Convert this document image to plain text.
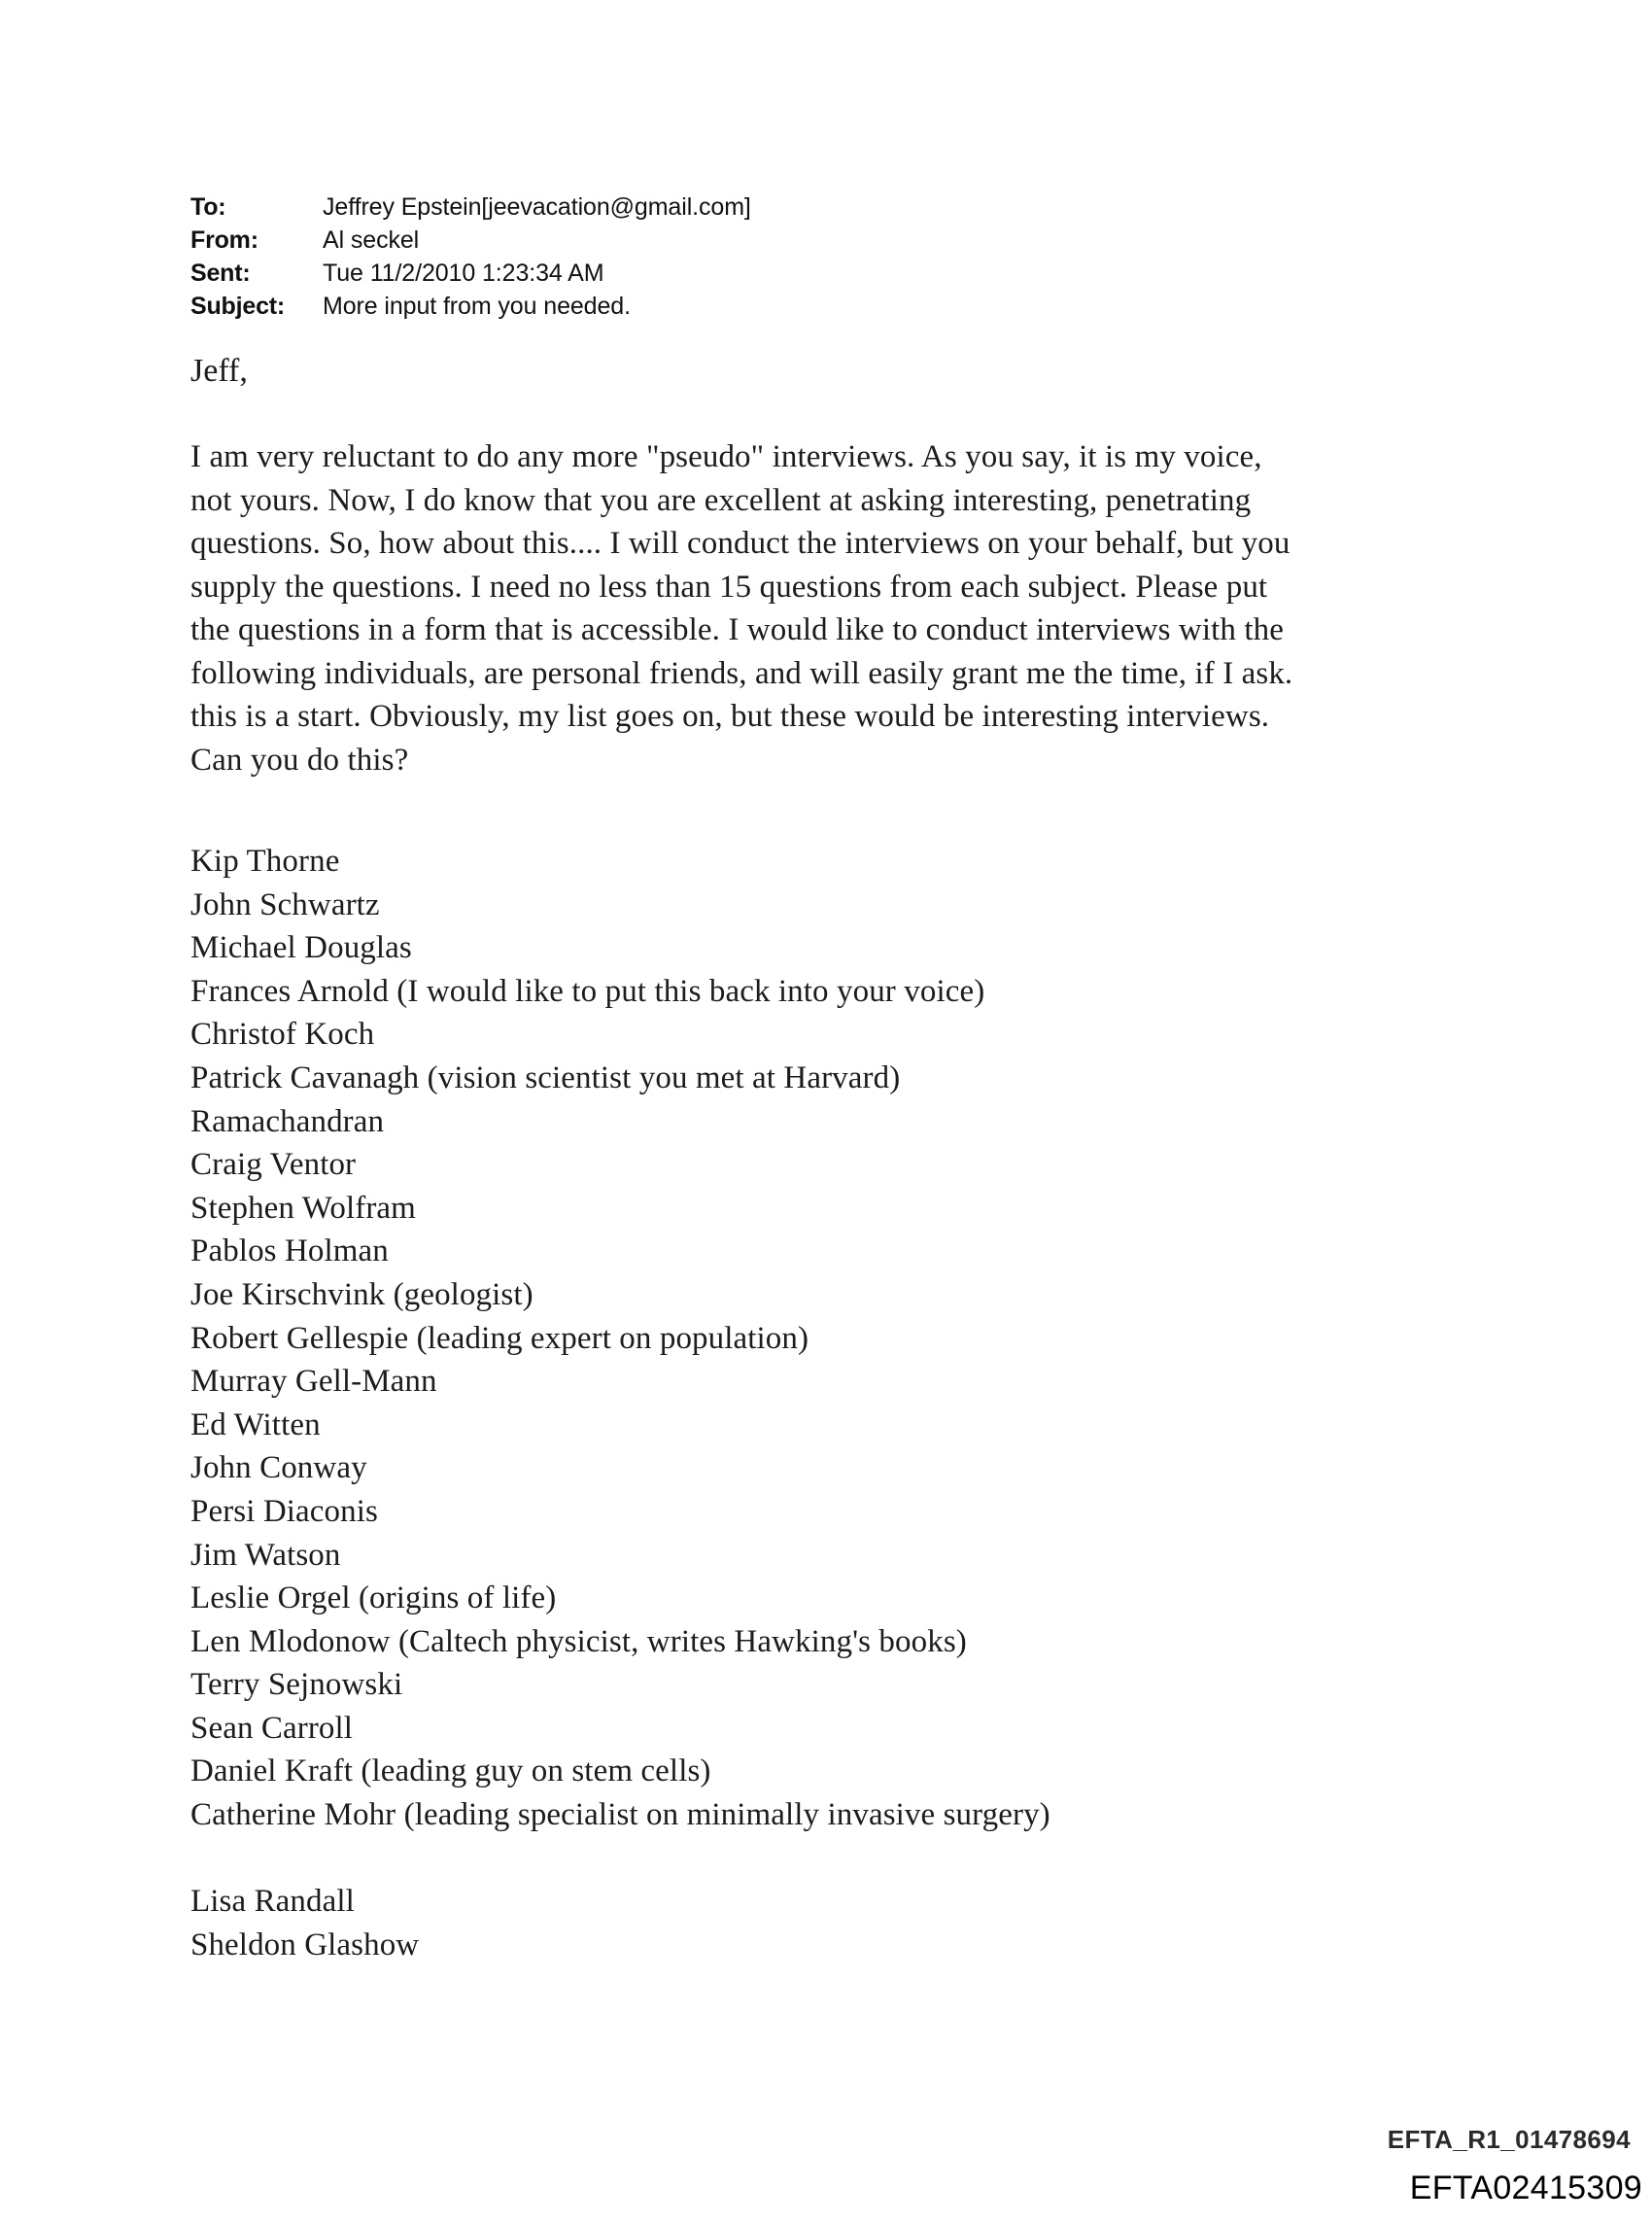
To:	Jeffrey Epstein[jeevacation@gmail.com]
From:	Al seckel
Sent:	Tue 11/2/2010 1:23:34 AM
Subject:	More input from you needed.

Jeff,

I am very reluctant to do any more "pseudo" interviews. As you say, it is my voice,
not yours. Now, I do know that you are excellent at asking interesting, penetrating
questions. So, how about this.... I will conduct the interviews on your behalf, but you
supply the questions. I need no less than 15 questions from each subject. Please put
the questions in a form that is accessible. I would like to conduct interviews with the
following individuals, are personal friends, and will easily grant me the time, if I ask.
this is a start. Obviously, my list goes on, but these would be interesting interviews.
Can you do this?
Kip Thorne
John Schwartz
Michael Douglas
Frances Arnold (I would like to put this back into your voice)
Christof Koch
Patrick Cavanagh (vision scientist you met at Harvard)
Ramachandran
Craig Ventor
Stephen Wolfram
Pablos Holman
Joe Kirschvink (geologist)
Robert Gellespie (leading expert on population)
Murray Gell-Mann
Ed Witten
John Conway
Persi Diaconis
Jim Watson
Leslie Orgel (origins of life)
Len Mlodonow (Caltech physicist, writes Hawking's books)
Terry Sejnowski
Sean Carroll
Daniel Kraft (leading guy on stem cells)
Catherine Mohr (leading specialist on minimally invasive surgery)
Lisa Randall
Sheldon Glashow
EFTA_R1_01478694
EFTA02415309
